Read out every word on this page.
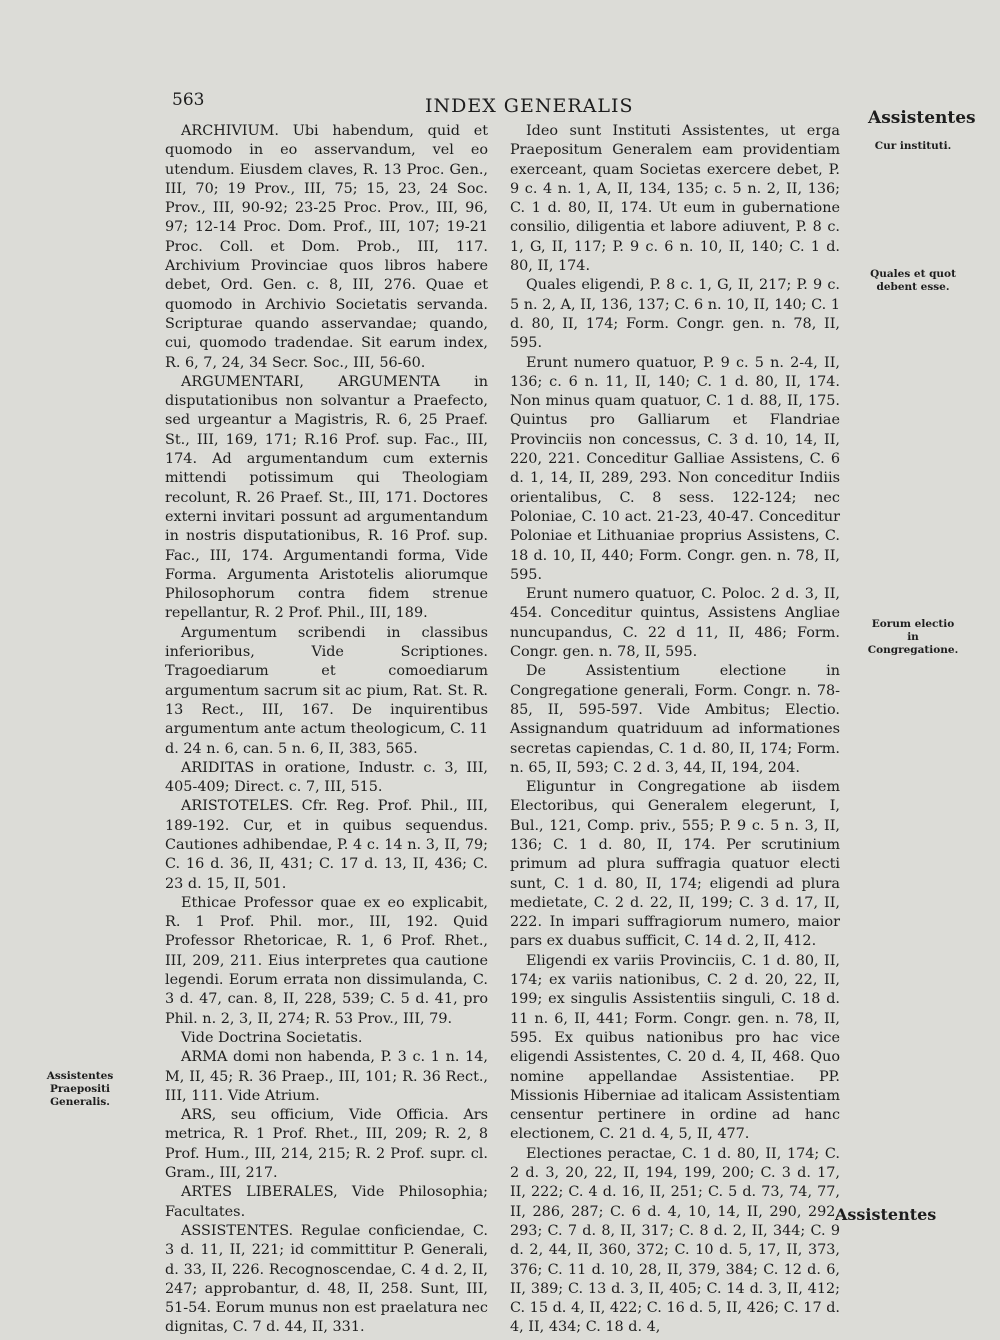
563	INDEX GENERALIS
Assistentes

ARCHIVIUM. Ubi habendum, quid et quomodo in eo asservandum, vel eo utendum. Eiusdem claves, R. 13 Proc. Gen., III, 70; 19 Prov., III, 75; 15, 23, 24 Soc. Prov., III, 90-92; 23-25 Proc. Prov., III, 96, 97; 12-14 Proc. Dom. Prof., III, 107; 19-21 Proc. Coll. et Dom. Prob., III, 117. Archivium Provinciae quos libros habere debet, Ord. Gen. c. 8, III, 276. Quae et quomodo in Archivio Societatis servanda. Scripturae quando asservandae; quando, cui, quomodo tradendae. Sit earum index, R. 6, 7, 24, 34 Secr. Soc., III, 56-60.

ARGUMENTARI, ARGUMENTA in disputationibus non solvantur a Praefecto, sed urgeantur a Magistris, R. 6, 25 Praef. St., III, 169, 171; R.16 Prof. sup. Fac., III, 174. Ad argumentandum cum externis mittendi potissimum qui Theologiam recolunt, R. 26 Praef. St., III, 171. Doctores externi invitari possunt ad argumentandum in nostris disputationibus, R. 16 Prof. sup. Fac., III, 174. Argumentandi forma, Vide Forma. Argumenta Aristotelis aliorumque Philosophorum contra fidem strenue repellantur, R. 2 Prof. Phil., III, 189.

Argumentum scribendi in classibus inferioribus, Vide Scriptiones. Tragoediarum et comoediarum argumentum sacrum sit ac pium, Rat. St. R. 13 Rect., III, 167. De inquirentibus argumentum ante actum theologicum, C. 11 d. 24 n. 6, can. 5 n. 6, II, 383, 565.

ARIDITAS in oratione, Industr. c. 3, III, 405-409; Direct. c. 7, III, 515.

ARISTOTELES. Cfr. Reg. Prof. Phil., III, 189-192. Cur, et in quibus sequendus. Cautiones adhibendae, P. 4 c. 14 n. 3, II, 79; C. 16 d. 36, II, 431; C. 17 d. 13, II, 436; C. 23 d. 15, II, 501.

Ethicae Professor quae ex eo explicabit, R. 1 Prof. Phil. mor., III, 192. Quid Professor Rhetoricae, R. 1, 6 Prof. Rhet., III, 209, 211. Eius interpretes qua cautione legendi. Eorum errata non dissimulanda, C. 3 d. 47, can. 8, II, 228, 539; C. 5 d. 41, pro Phil. n. 2, 3, II, 274; R. 53 Prov., III, 79.

Vide Doctrina Societatis.

ARMA domi non habenda, P. 3 c. 1 n. 14, M, II, 45; R. 36 Praep., III, 101; R. 36 Rect., III, 111. Vide Atrium.

ARS, seu officium, Vide Officia. Ars metrica, R. 1 Prof. Rhet., III, 209; R. 2, 8 Prof. Hum., III, 214, 215; R. 2 Prof. supr. cl. Gram., III, 217.

ARTES LIBERALES, Vide Philosophia; Facultates.

ASSISTENTES. Regulae conficiendae, C. 3 d. 11, II, 221; id committitur P. Generali, d. 33, II, 226. Recognoscendae, C. 4 d. 2, II, 247; approbantur, d. 48, II, 258. Sunt, III, 51-54. Eorum munus non est praelatura nec dignitas, C. 7 d. 44, II, 331.

Ideo sunt Instituti Assistentes, ut erga Praepositum Generalem eam providentiam exerceant, quam Societas exercere debet, P. 9 c. 4 n. 1, A, II, 134, 135; c. 5 n. 2, II, 136; C. 1 d. 80, II, 174. Ut eum in gubernatione consilio, diligentia et labore adiuvent, P. 8 c. 1, G, II, 117; P. 9 c. 6 n. 10, II, 140; C. 1 d. 80, II, 174.

Quales eligendi, P. 8 c. 1, G, II, 217; P. 9 c. 5 n. 2, A, II, 136, 137; C. 6 n. 10, II, 140; C. 1 d. 80, II, 174; Form. Congr. gen. n. 78, II, 595.

Erunt numero quatuor, P. 9 c. 5 n. 2-4, II, 136; c. 6 n. 11, II, 140; C. 1 d. 80, II, 174. Non minus quam quatuor, C. 1 d. 88, II, 175. Quintus pro Galliarum et Flandriae Provinciis non concessus, C. 3 d. 10, 14, II, 220, 221. Conceditur Galliae Assistens, C. 6 d. 1, 14, II, 289, 293. Non conceditur Indiis orientalibus, C. 8 sess. 122-124; nec Poloniae, C. 10 act. 21-23, 40-47. Conceditur Poloniae et Lithuaniae proprius Assistens, C. 18 d. 10, II, 440; Form. Congr. gen. n. 78, II, 595.

Erunt numero quatuor, C. Poloc. 2 d. 3, II, 454. Conceditur quintus, Assistens Angliae nuncupandus, C. 22 d 11, II, 486; Form. Congr. gen. n. 78, II, 595.

De Assistentium electione in Congregatione generali, Form. Congr. n. 78-85, II, 595-597. Vide Ambitus; Electio. Assignandum quatriduum ad informationes secretas capiendas, C. 1 d. 80, II, 174; Form. n. 65, II, 593; C. 2 d. 3, 44, II, 194, 204.

Eliguntur in Congregatione ab iisdem Electoribus, qui Generalem elegerunt, I, Bul., 121, Comp. priv., 555; P. 9 c. 5 n. 3, II, 136; C. 1 d. 80, II, 174. Per scrutinium primum ad plura suffragia quatuor electi sunt, C. 1 d. 80, II, 174; eligendi ad plura medietate, C. 2 d. 22, II, 199; C. 3 d. 17, II, 222. In impari suffragiorum numero, maior pars ex duabus sufficit, C. 14 d. 2, II, 412.

Eligendi ex variis Provinciis, C. 1 d. 80, II, 174; ex variis nationibus, C. 2 d. 20, 22, II, 199; ex singulis Assistentiis singuli, C. 18 d. 11 n. 6, II, 441; Form. Congr. gen. n. 78, II, 595. Ex quibus nationibus pro hac vice eligendi Assistentes, C. 20 d. 4, II, 468. Quo nomine appellandae Assistentiae. PP. Missionis Hiberniae ad italicam Assistentiam censentur pertinere in ordine ad hanc electionem, C. 21 d. 4, 5, II, 477.

Electiones peractae, C. 1 d. 80, II, 174; C. 2 d. 3, 20, 22, II, 194, 199, 200; C. 3 d. 17, II, 222; C. 4 d. 16, II, 251; C. 5 d. 73, 74, 77, II, 286, 287; C. 6 d. 4, 10, 14, II, 290, 292, 293; C. 7 d. 8, II, 317; C. 8 d. 2, II, 344; C. 9 d. 2, 44, II, 360, 372; C. 10 d. 5, 17, II, 373, 376; C. 11 d. 10, 28, II, 379, 384; C. 12 d. 6, II, 389; C. 13 d. 3, II, 405; C. 14 d. 3, II, 412; C. 15 d. 4, II, 422; C. 16 d. 5, II, 426; C. 17 d. 4, II, 434; C. 18 d. 4,

Cur instituti.
Quales et quot debent esse.
Eorum electio in Congregatione.
Assistentes Praepositi Generalis.
Assistentes
